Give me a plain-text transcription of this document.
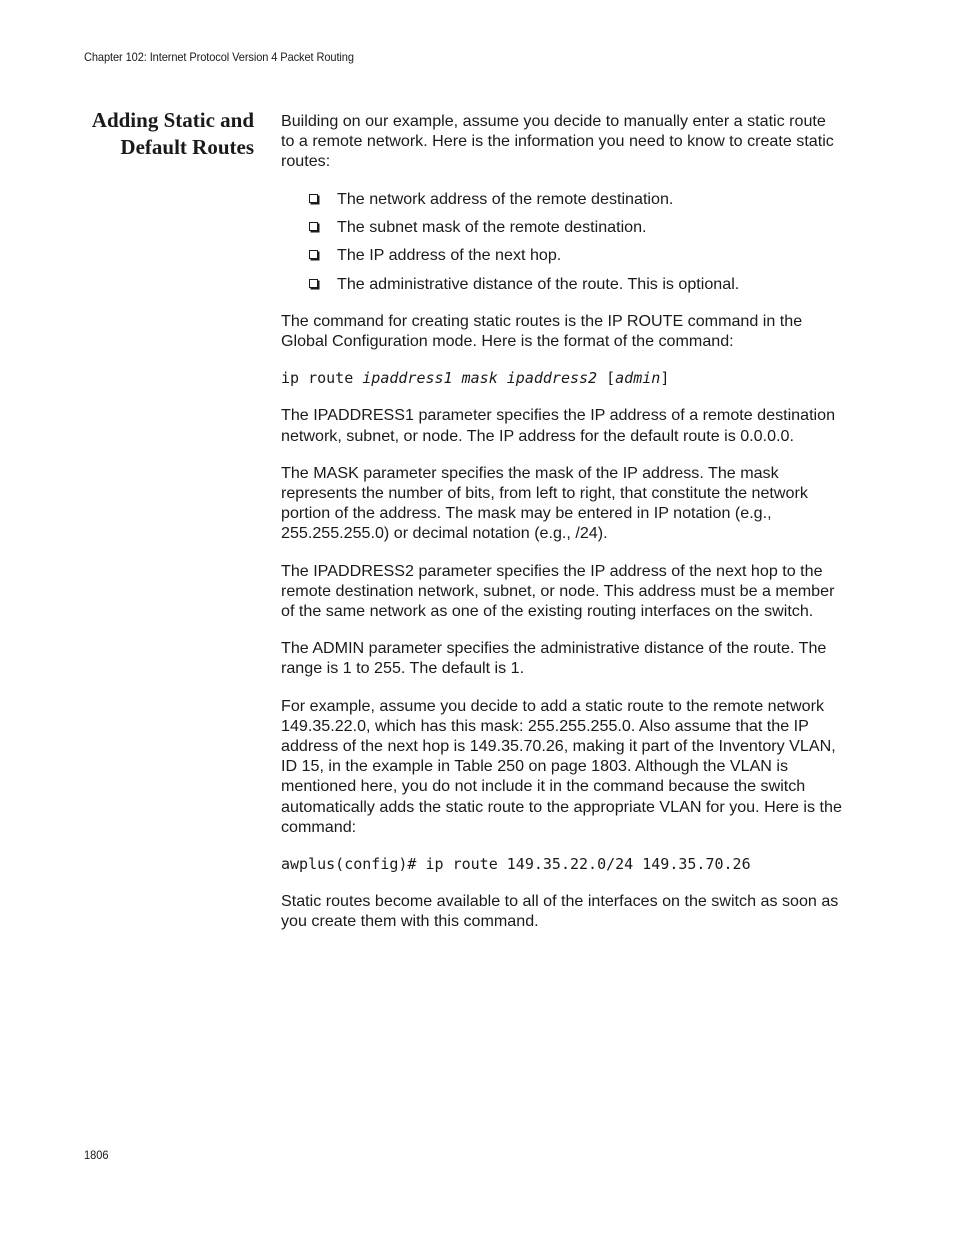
Chapter 102: Internet Protocol Version 4 Packet Routing
Adding Static and
Default Routes

Building on our example, assume you decide to manually enter a static route to a remote network. Here is the information you need to know to create static routes:

The network address of the remote destination.
The subnet mask of the remote destination.
The IP address of the next hop.
The administrative distance of the route. This is optional.

The command for creating static routes is the IP ROUTE command in the Global Configuration mode. Here is the format of the command:

ip route ipaddress1 mask ipaddress2 [admin]

The IPADDRESS1 parameter specifies the IP address of a remote destination network, subnet, or node. The IP address for the default route is 0.0.0.0.

The MASK parameter specifies the mask of the IP address. The mask represents the number of bits, from left to right, that constitute the network portion of the address. The mask may be entered in IP notation (e.g., 255.255.255.0) or decimal notation (e.g., /24).

The IPADDRESS2 parameter specifies the IP address of the next hop to the remote destination network, subnet, or node. This address must be a member of the same network as one of the existing routing interfaces on the switch.

The ADMIN parameter specifies the administrative distance of the route. The range is 1 to 255. The default is 1.

For example, assume you decide to add a static route to the remote network 149.35.22.0, which has this mask: 255.255.255.0. Also assume that the IP address of the next hop is 149.35.70.26, making it part of the Inventory VLAN, ID 15, in the example in Table 250 on page 1803. Although the VLAN is mentioned here, you do not include it in the command because the switch automatically adds the static route to the appropriate VLAN for you. Here is the command:

awplus(config)# ip route 149.35.22.0/24 149.35.70.26

Static routes become available to all of the interfaces on the switch as soon as you create them with this command.

1806
